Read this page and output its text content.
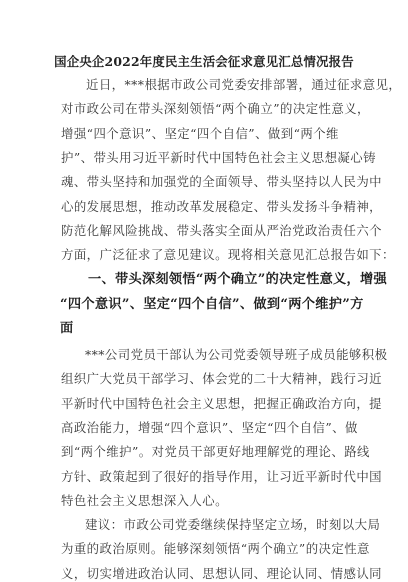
国企央企2022年度民主生活会征求意见汇总情况报告
近日，***根据市政公司党委安排部署，通过征求意见，
对市政公司在带头深刻领悟“两个确立”的决定性意义，
增强“四个意识”、坚定“四个自信”、做到“两个维
护”、带头用习近平新时代中国特色社会主义思想凝心铸
魂、带头坚持和加强党的全面领导、带头坚持以人民为中
心的发展思想，推动改革发展稳定、带头发扬斗争精神，
防范化解风险挑战、带头落实全面从严治党政治责任六个
方面，广泛征求了意见建议。现将相关意见汇总报告如下：
一、带头深刻领悟“两个确立”的决定性意义，增强
“四个意识”、坚定“四个自信”、做到“两个维护”方
面
***公司党员干部认为公司党委领导班子成员能够积极
组织广大党员干部学习、体会党的二十大精神，践行习近
平新时代中国特色社会主义思想，把握正确政治方向，提
高政治能力，增强“四个意识”、坚定“四个自信”、做
到“两个维护”。对党员干部更好地理解党的理论、路线
方针、政策起到了很好的指导作用，让习近平新时代中国
特色社会主义思想深入人心。
建议：市政公司党委继续保持坚定立场，时刻以大局
为重的政治原则。能够深刻领悟“两个确立”的决定性意
义，切实增进政治认同、思想认同、理论认同、情感认同
